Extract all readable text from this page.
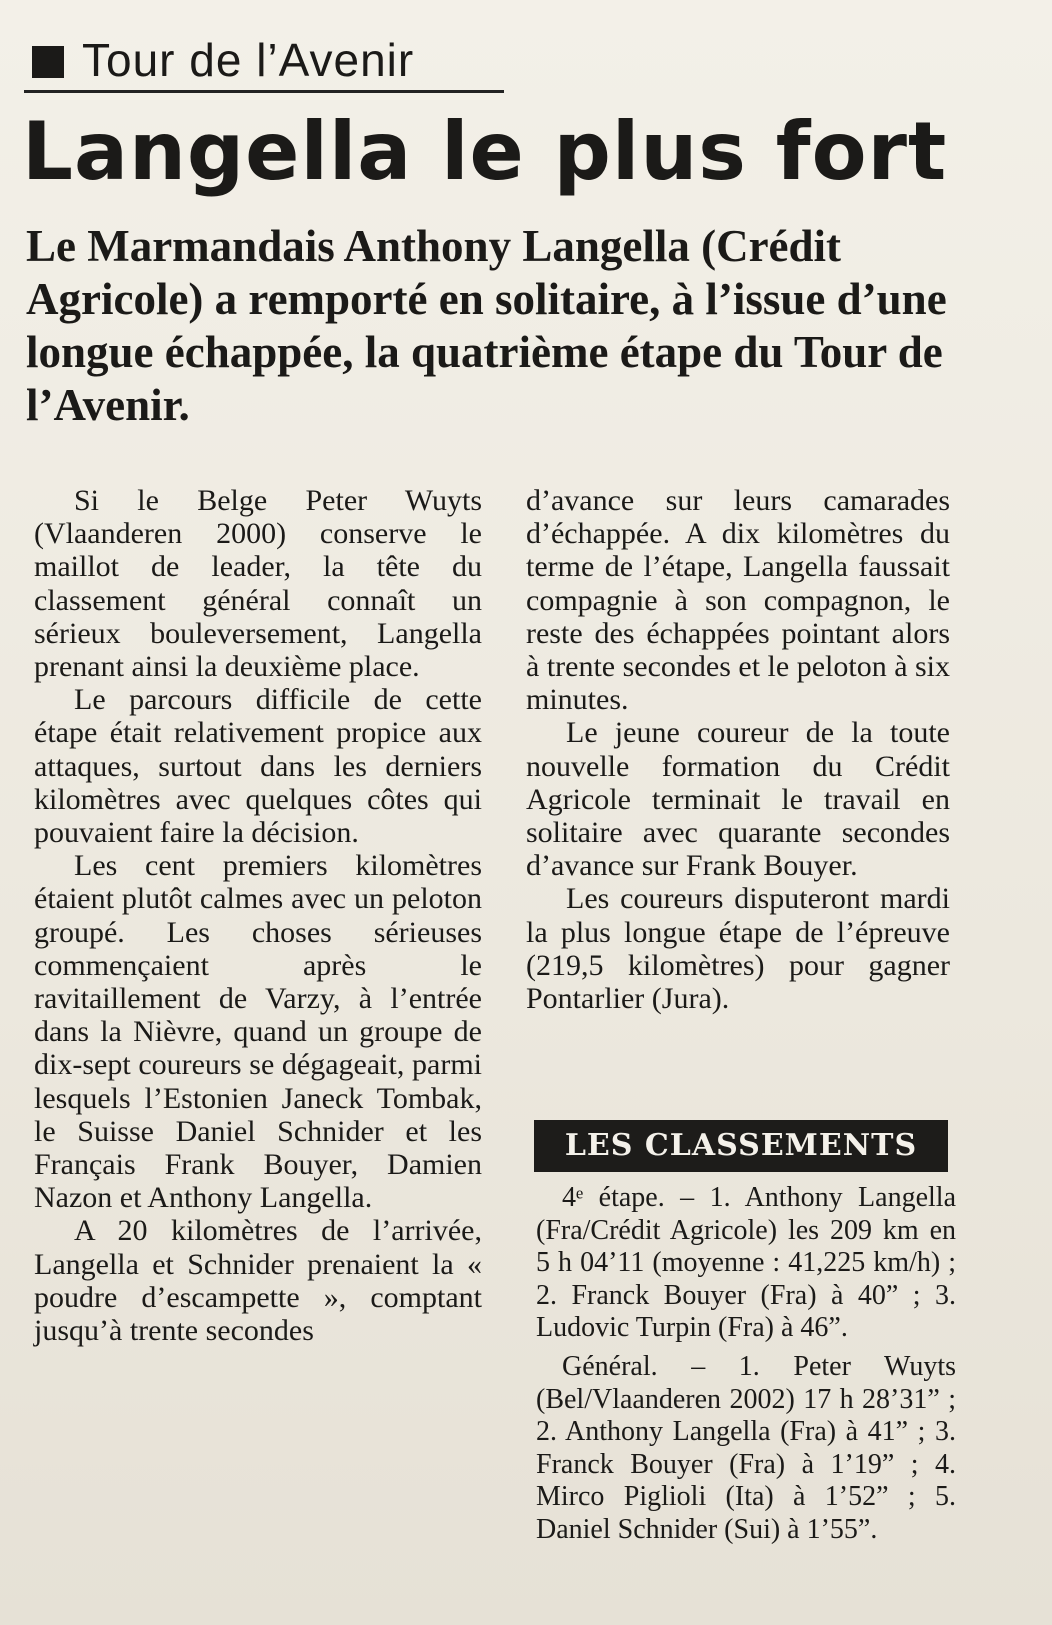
Tour de l’Avenir
Langella le plus fort
Le Marmandais Anthony Langella (Crédit Agricole) a remporté en solitaire, à l’issue d’une longue échappée, la quatrième étape du Tour de l’Avenir.

Si le Belge Peter Wuyts (Vlaanderen 2000) conserve le maillot de leader, la tête du classement général connaît un sérieux bouleversement, Langella prenant ainsi la deuxième place.

Le parcours difficile de cette étape était relativement propice aux attaques, surtout dans les derniers kilomètres avec quelques côtes qui pouvaient faire la décision.

Les cent premiers kilomètres étaient plutôt calmes avec un peloton groupé. Les choses sérieuses commençaient après le ravitaillement de Varzy, à l’entrée dans la Nièvre, quand un groupe de dix-sept coureurs se dégageait, parmi lesquels l’Estonien Janeck Tombak, le Suisse Daniel Schnider et les Français Frank Bouyer, Damien Nazon et Anthony Langella.

A 20 kilomètres de l’arrivée, Langella et Schnider prenaient la « poudre d’escampette », comptant jusqu’à trente secondes

d’avance sur leurs camarades d’échappée. A dix kilomètres du terme de l’étape, Langella faussait compagnie à son compagnon, le reste des échappées pointant alors à trente secondes et le peloton à six minutes.

Le jeune coureur de la toute nouvelle formation du Crédit Agricole terminait le travail en solitaire avec quarante secondes d’avance sur Frank Bouyer.

Les coureurs disputeront mardi la plus longue étape de l’épreuve (219,5 kilomètres) pour gagner Pontarlier (Jura).

LES CLASSEMENTS

4ᵉ étape. – 1. Anthony Langella (Fra/Crédit Agricole) les 209 km en 5 h 04’11 (moyenne : 41,225 km/h) ; 2. Franck Bouyer (Fra) à 40” ; 3. Ludovic Turpin (Fra) à 46”.

Général. – 1. Peter Wuyts (Bel/Vlaanderen 2002) 17 h 28’31” ; 2. Anthony Langella (Fra) à 41” ; 3. Franck Bouyer (Fra) à 1’19” ; 4. Mirco Piglioli (Ita) à 1’52” ; 5. Daniel Schnider (Sui) à 1’55”.
